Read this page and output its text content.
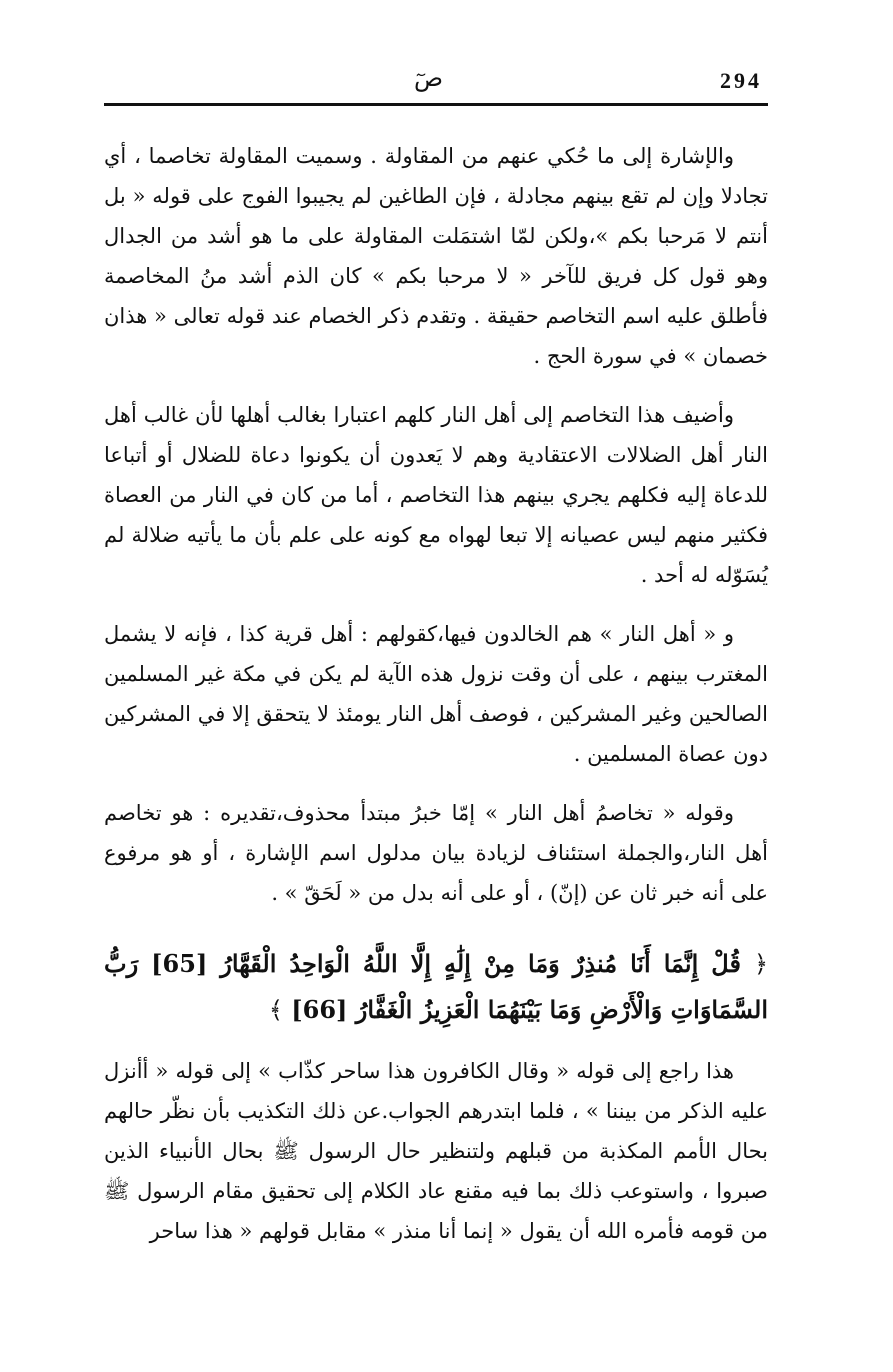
صٓ	294

والإشارة إلى ما حُكي عنهم من المقاولة . وسميت المقاولة تخاصما ، أي تجادلا وإن لم تقع بينهم مجادلة ، فإن الطاغين لم يجيبوا الفوج على قوله « بل أنتم لا مَرحبا بكم »،ولكن لمّا اشتمَلت المقاولة على ما هو أشد من الجدال وهو قول كل فريق للآخر « لا مرحبا بكم » كان الذم أشد منُ المخاصمة فأطلق عليه اسم التخاصم حقيقة . وتقدم ذكر الخصام عند قوله تعالى « هذان خصمان » في سورة الحج .

وأضيف هذا التخاصم إلى أهل النار كلهم اعتبارا بغالب أهلها لأن غالب أهل النار أهل الضلالات الاعتقادية وهم لا يَعدون أن يكونوا دعاة للضلال أو أتباعا للدعاة إليه فكلهم يجري بينهم هذا التخاصم ، أما من كان في النار من العصاة فكثير منهم ليس عصيانه إلا تبعا لهواه مع كونه على علم بأن ما يأتيه ضلالة لم يُسَوّله له أحد .

و « أهل النار » هم الخالدون فيها،كقولهم : أهل قرية كذا ، فإنه لا يشمل المغترب بينهم ، على أن وقت نزول هذه الآية لم يكن في مكة غير المسلمين الصالحين وغير المشركين ، فوصف أهل النار يومئذ لا يتحقق إلا في المشركين دون عصاة المسلمين .

وقوله « تخاصمُ أهل النار » إمّا خبرُ مبتدأ محذوف،تقديره : هو تخاصم أهل النار،والجملة استئناف لزيادة بيان مدلول اسم الإشارة ، أو هو مرفوع على أنه خبر ثان عن (إنّ) ، أو على أنه بدل من « لَحَقّ » .

﴿ قُلْ إِنَّمَا أَنَا مُنذِرٌ وَمَا مِنْ إِلَٰهٍ إِلَّا اللَّهُ الْوَاحِدُ الْقَهَّارُ [65] رَبُّ السَّمَاوَاتِ وَالْأَرْضِ وَمَا بَيْنَهُمَا الْعَزِيزُ الْغَفَّارُ [66] ﴾

هذا راجع إلى قوله « وقال الكافرون هذا ساحر كذّاب » إلى قوله « أأنزل عليه الذكر من بيننا » ، فلما ابتدرهم الجواب.عن ذلك التكذيب بأن نظّر حالهم بحال الأمم المكذبة من قبلهم ولتنظير حال الرسول ﷺ بحال الأنبياء الذين صبروا ، واستوعب ذلك بما فيه مقنع عاد الكلام إلى تحقيق مقام الرسول ﷺ من قومه فأمره الله أن يقول « إنما أنا منذر » مقابل قولهم « هذا ساحر
